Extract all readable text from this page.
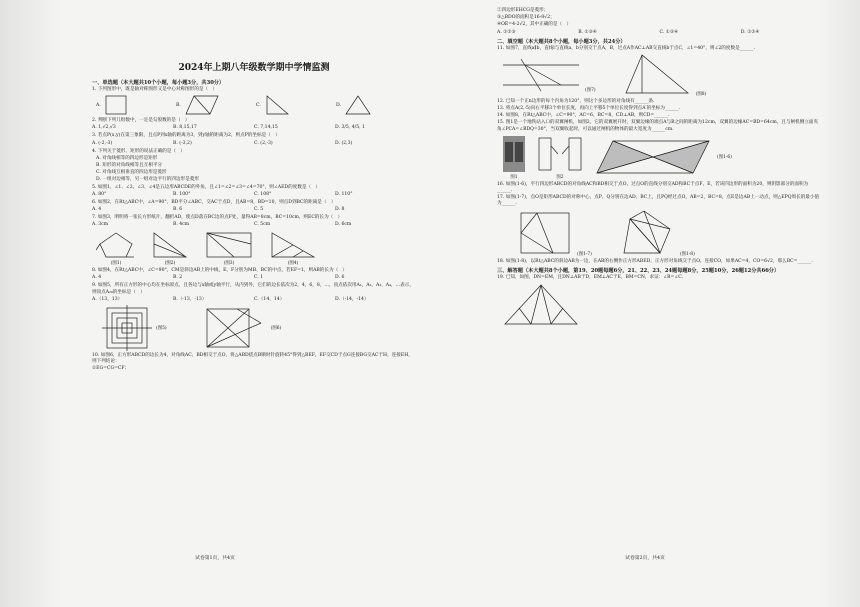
2024年上期八年级数学期中学情监测
一、单选题（本大题共10个小题，每小题3分，共30分）
1. 下列图形中，既是轴对称图形又是中心对称图形的是（   ）
A.	B.	C.	D.
2. 判断下列几组数中，一定是勾股数的是（   ）
A. 1,√2,√3	B. 8,15,17	C. 7,14,15	D. 3/5, 4/5, 1
3. 若点P(x,y)在第三象限，且点P到x轴的距离为3，到y轴的距离为2，则点P的坐标是（   ）
A. (-2,-3)	B. (-3,2)	C. (2,-3)	D. (2,3)
4. 下列关于菱形、矩形的说法正确的是（   ）
A. 对角线相等的四边形是矩形
B. 矩形的对角线相等且互相平分
C. 对角线互相垂直的四边形是菱形
D. 一组对边相等，另一组对边平行的四边形是菱形
5. 如图1，∠1、∠2、∠3、∠4是五边形ABCDE的外角，且∠1=∠2=∠3=∠4=70°，则∠AED的度数是（   ）
A. 80°	B. 100°	C. 108°	D. 110°
6. 如图2，在Rt△ABC中，∠A=90°，BD平分∠ABC，交AC于点D，且AB=8，BD=10，则点D到BC的距离是（   ）
A. 4	B. 6	C. 5	D. 8
7. 如图3，明明将一张长方形纸片，翻折AD，使点D落在BC边的点F处，量得AB=8cm，BC=10cm，则EC的长为（   ）
A. 3cm	B. 4cm	C. 5cm	D. 6cm
(图1)	(图2)	(图3)	(图4)
8. 如图4，在Rt△ABC中，∠C=90°，CM是斜边AB上的中线，E、F分别为MB、BC的中点，若EF=1，则AB的长为（   ）
A. 4	B. 2	C. 1	D. 6
9. 如图5，所有正方形的中心均在坐标原点，且各边与x轴或y轴平行，从内到外，它们的边长依次为2，4，6，8，…，顶点依次用A₁，A₂，A₃，A₄，…表示，则顶点A₂₀的坐标是（   ）
A.（13，13）	B.（-13，-13）	C.（14，14）	D.（-14，-14）
(图5)	(图6)
10. 如图6，正方形ABCD的边长为4，对角线AC、BD相交于点O，将△ABD绕点B顺时针旋转45°得到△BEF，EF交CD于点G连接BG交AC于H，连接EH，则下列结论：
①EG=CG=CF；
试卷第1页，共4页
②四边形EHCG是菱形；
③△BDO的面积是16-8√2；
④OE=4-2√2，其中正确的是（   ）
A. ①②③	B. ①③④	C. ①③④	D. ①②④
二、填空题（本大题共8个小题，每小题3分，共24分）
11. 如图7，直线a∥b，直线l与直线a，b分别交于点A，B，过点A作AC⊥AB交直线b于点C，∠1=40°，则∠2的度数是______.
(图7)
(图8)
12. 已知一个正n边形的每个内角为120°，则这个多边形的对角线有______条.
13. 将点A(2,-5)向右平移3个单位长度，再向上平移5个单位长度得到点A′的坐标为______.
14. 如图8，在Rt△ABC中，∠C=90°，AC=6，BC=8，CD⊥AB，则CD=______.
15. 图1是一个地铁站入口的双翼闸机，如图2，它的双翼展开时，双翼边缘的端点A与B之间的距离为12cm，双翼的边缘AC=BD=64cm，且与闸机侧立面夹角∠PCA=∠BDQ=30°，当双翼收起时，可以通过闸机的物体的最大宽度为______cm.
图1	图2
(图1-6)
16. 如图(1-6)，平行四边形ABCD的对角线AC和BD相交于点O，过点O的直线分别交AD和BC于点F、E，若该四边形的面积为20，则阴影部分的面积为______.
17. 如图(1-7)，点O是矩形ABCD的对称中心，点P、Q分别在边AD、BC上，且PQ经过点O，AB=2，BC=8，点E是边AB上一动点，则△EPQ周长的最小值为______.
(图1-7)	(图1-8)
18. 如图(1-8)，以Rt△ABC的斜边AB为一边，在AB的右侧作正方形ABED，正方形对角线交于点O，连接CO，如果AC=4，CO=6√2，那么BC=______.
三、解答题（本大题共8个小题，第19、20题每题6分，21、22、23、24题每题8分，25题10分，26题12分共66分）
19. 已知，如图，DN=EM，且DN⊥AB于D，EM⊥AC于E，BM=CN，求证：∠B=∠C.
试卷第2页，共4页
